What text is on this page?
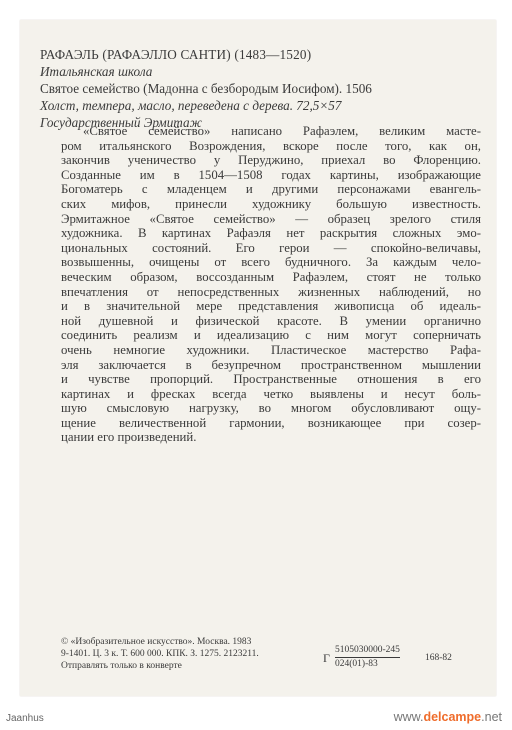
РАФАЭЛЬ (РАФАЭЛЛО САНТИ) (1483—1520)
Итальянская школа
Святое семейство (Мадонна с безбородым Иосифом). 1506
Холст, темпера, масло, переведена с дерева. 72,5×57
Государственный Эрмитаж
«Святое семейство» написано Рафаэлем, великим масте-
ром итальянского Возрождения, вскоре после того, как он,
закончив ученичество у Перуджино, приехал во Флоренцию.
Созданные им в 1504—1508 годах картины, изображающие
Богоматерь с младенцем и другими персонажами евангель-
ских мифов, принесли художнику большую известность.
Эрмитажное «Святое семейство» — образец зрелого стиля
художника. В картинах Рафаэля нет раскрытия сложных эмо-
циональных состояний. Его герои — спокойно-величавы,
возвышенны, очищены от всего будничного. За каждым чело-
веческим образом, воссозданным Рафаэлем, стоят не только
впечатления от непосредственных жизненных наблюдений, но
и в значительной мере представления живописца об идеаль-
ной душевной и физической красоте. В умении органично
соединить реализм и идеализацию с ним могут соперничать
очень немногие художники. Пластическое мастерство Рафа-
эля заключается в безупречном пространственном мышлении
и чувстве пропорций. Пространственные отношения в его
картинах и фресках всегда четко выявлены и несут боль-
шую смысловую нагрузку, во многом обусловливают ощу-
щение величественной гармонии, возникающее при созер-
цании его произведений.
© «Изобразительное искусство». Москва. 1983
9-1401. Ц. 3 к. Т. 600 000. КПК. З. 1275. 2123211.
Отправлять только в конверте
Г $\frac{5105030000-245}{024(01)-83}$	168-82
Jaanhus	www.delcampe.net
